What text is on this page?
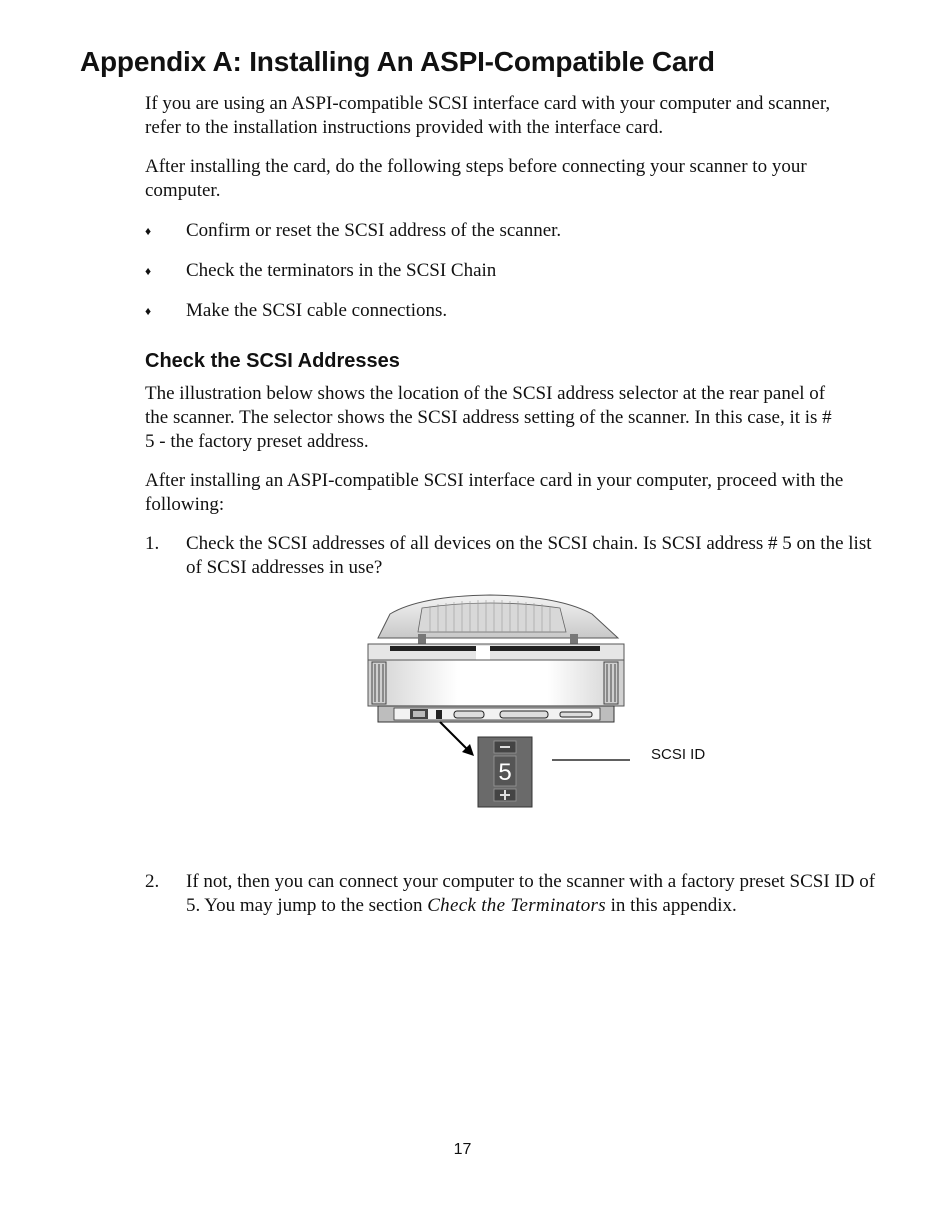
Appendix A: Installing An ASPI-Compatible Card

If you are using an ASPI-compatible SCSI interface card with your computer and scanner, refer to the installation instructions provided with the interface card.

After installing the card, do the following steps before connecting your scanner to your computer.

♦ Confirm or reset the SCSI address of the scanner.
♦ Check the terminators in the SCSI Chain
♦ Make the SCSI cable connections.
Check the SCSI Addresses

The illustration below shows the location of the SCSI address selector at the rear panel of the scanner. The selector shows the SCSI address setting of the scanner. In this case, it is # 5 - the factory preset address.

After installing an ASPI-compatible SCSI interface card in your computer, proceed with the following:

1. Check the SCSI addresses of all devices on the SCSI chain. Is SCSI address # 5 on the list of SCSI addresses in use?
5
SCSI ID
2. If not, then you can connect your computer to the scanner with a factory preset SCSI ID of 5. You may jump to the section Check the Terminators in this appendix.
17
